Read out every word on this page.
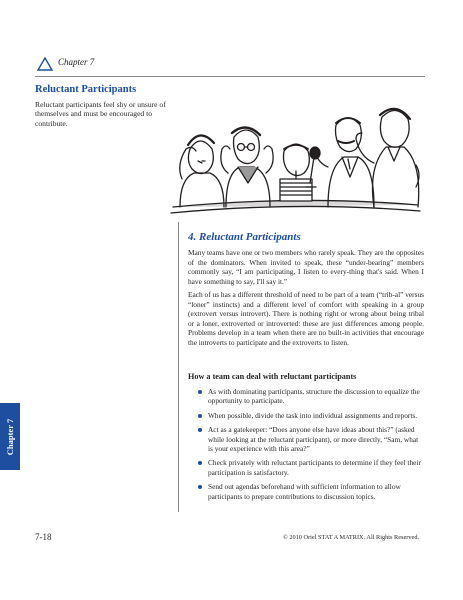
Chapter 7
Reluctant Participants
Reluctant participants feel shy or unsure of themselves and must be encouraged to contribute.
4. Reluctant Participants

Many teams have one or two members who rarely speak. They are the opposites of the dominators. When invited to speak, these “under-bearing” members commonly say, “I am participating, I listen to every-thing that's said. When I have something to say, I'll say it.”

Each of us has a different threshold of need to be part of a team (“trib-al” versus “loner” instincts) and a different level of comfort with speaking in a group (extrovert versus introvert). There is nothing right or wrong about being tribal or a loner, extroverted or introverted: these are just differences among people. Problems develop in a team when there are no built-in activities that encourage the introverts to participate and the extroverts to listen.

How a team can deal with reluctant participants
As with dominating participants, structure the discussion to equalize the opportunity to participate.
When possible, divide the task into individual assignments and reports.
Act as a gatekeeper: “Does anyone else have ideas about this?” (asked while looking at the reluctant participant), or more directly, “Sam, what is your experience with this area?”
Check privately with reluctant participants to determine if they feel their participation is satisfactory.
Send out agendas beforehand with sufficient information to allow participants to prepare contributions to discussion topics.
Chapter 7
7-18	© 2010 Oriel STAT A MATRIX. All Rights Reserved.
